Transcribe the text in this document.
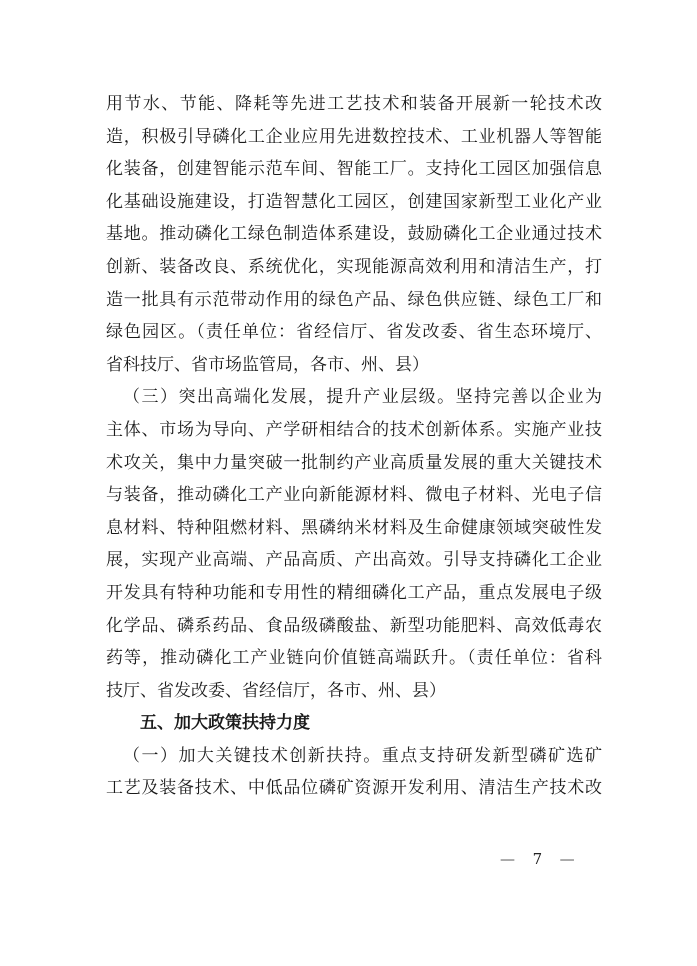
用节水、节能、降耗等先进工艺技术和装备开展新一轮技术改
造，积极引导磷化工企业应用先进数控技术、工业机器人等智能
化装备，创建智能示范车间、智能工厂。支持化工园区加强信息
化基础设施建设，打造智慧化工园区，创建国家新型工业化产业
基地。推动磷化工绿色制造体系建设，鼓励磷化工企业通过技术
创新、装备改良、系统优化，实现能源高效利用和清洁生产，打
造一批具有示范带动作用的绿色产品、绿色供应链、绿色工厂和
绿色园区。（责任单位：省经信厅、省发改委、省生态环境厅、
省科技厅、省市场监管局，各市、州、县）
（三）突出高端化发展，提升产业层级。坚持完善以企业为
主体、市场为导向、产学研相结合的技术创新体系。实施产业技
术攻关，集中力量突破一批制约产业高质量发展的重大关键技术
与装备，推动磷化工产业向新能源材料、微电子材料、光电子信
息材料、特种阻燃材料、黑磷纳米材料及生命健康领域突破性发
展，实现产业高端、产品高质、产出高效。引导支持磷化工企业
开发具有特种功能和专用性的精细磷化工产品，重点发展电子级
化学品、磷系药品、食品级磷酸盐、新型功能肥料、高效低毒农
药等，推动磷化工产业链向价值链高端跃升。（责任单位：省科
技厅、省发改委、省经信厅，各市、州、县）
五、加大政策扶持力度
（一）加大关键技术创新扶持。重点支持研发新型磷矿选矿
工艺及装备技术、中低品位磷矿资源开发利用、清洁生产技术改
— 7 —
